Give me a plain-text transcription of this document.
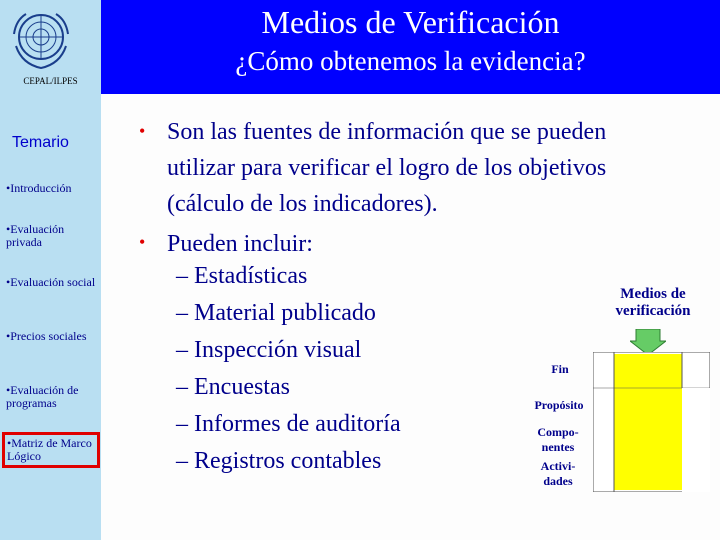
CEPAL/ILPES
Temario
•Introducción
•Evaluación privada
•Evaluación social
•Precios sociales
•Evaluación de programas
•Matriz de Marco Lógico

Medios de Verificación
¿Cómo obtenemos la evidencia?
• Son las fuentes de información que se pueden
utilizar para verificar el logro de los objetivos
(cálculo de los indicadores).
• Pueden incluir:
– Estadísticas
– Material publicado
– Inspección visual
– Encuestas
– Informes de auditoría
– Registros contables
Medios de
verificación
Fin
Propósito
Compo-
nentes
Activi-
dades
